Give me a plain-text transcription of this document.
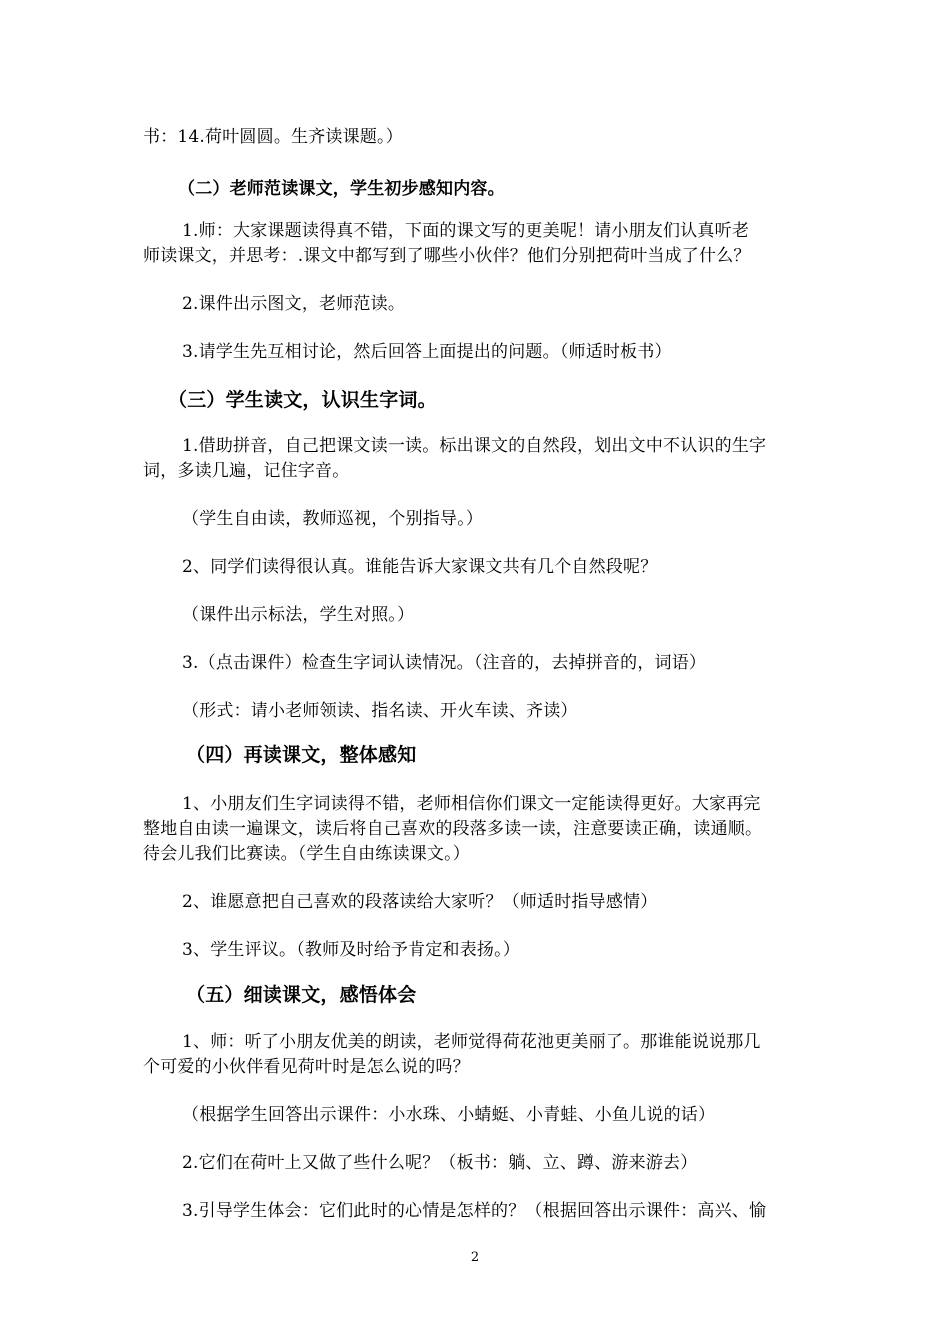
书：14.荷叶圆圆。生齐读课题。）
（二）老师范读课文，学生初步感知内容。
1.师：大家课题读得真不错，下面的课文写的更美呢！请小朋友们认真听老
师读课文，并思考：.课文中都写到了哪些小伙伴？他们分别把荷叶当成了什么？
2.课件出示图文，老师范读。
3.请学生先互相讨论，然后回答上面提出的问题。（师适时板书）
（三）学生读文，认识生字词。
1.借助拼音，自己把课文读一读。标出课文的自然段，划出文中不认识的生字
词，多读几遍，记住字音。
（学生自由读，教师巡视，个别指导。）
2、同学们读得很认真。谁能告诉大家课文共有几个自然段呢？
（课件出示标法，学生对照。）
3.（点击课件）检查生字词认读情况。（注音的，去掉拼音的，词语）
（形式：请小老师领读、指名读、开火车读、齐读）
（四）再读课文，整体感知
1、小朋友们生字词读得不错，老师相信你们课文一定能读得更好。大家再完
整地自由读一遍课文，读后将自己喜欢的段落多读一读，注意要读正确，读通顺。
待会儿我们比赛读。（学生自由练读课文。）
2、谁愿意把自己喜欢的段落读给大家听？（师适时指导感情）
3、学生评议。（教师及时给予肯定和表扬。）
（五）细读课文，感悟体会
1、师：听了小朋友优美的朗读，老师觉得荷花池更美丽了。那谁能说说那几
个可爱的小伙伴看见荷叶时是怎么说的吗？
（根据学生回答出示课件：小水珠、小蜻蜓、小青蛙、小鱼儿说的话）
2.它们在荷叶上又做了些什么呢？（板书：躺、立、蹲、游来游去）
3.引导学生体会：它们此时的心情是怎样的？（根据回答出示课件：高兴、愉
2
